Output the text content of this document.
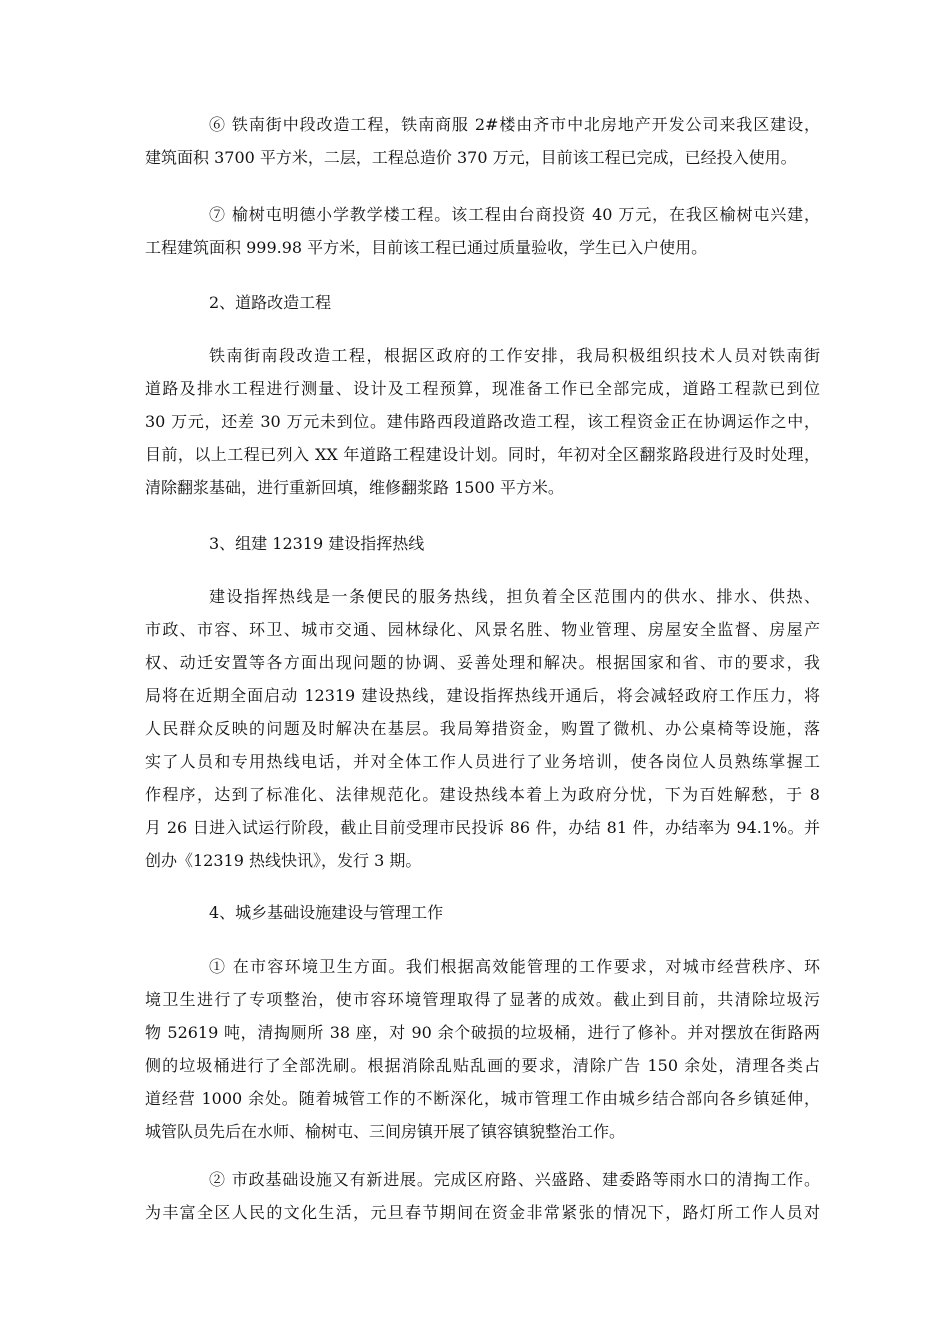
⑥ 铁南街中段改造工程，铁南商服 2#楼由齐市中北房地产开发公司来我区建设，
建筑面积 3700 平方米，二层，工程总造价 370 万元，目前该工程已完成，已经投入使用。
⑦ 榆树屯明德小学教学楼工程。该工程由台商投资 40 万元，在我区榆树屯兴建，
工程建筑面积 999.98 平方米，目前该工程已通过质量验收，学生已入户使用。
2、道路改造工程
铁南街南段改造工程，根据区政府的工作安排，我局积极组织技术人员对铁南街
道路及排水工程进行测量、设计及工程预算，现准备工作已全部完成，道路工程款已到位
30 万元，还差 30 万元未到位。建伟路西段道路改造工程，该工程资金正在协调运作之中，
目前，以上工程已列入 XX 年道路工程建设计划。同时，年初对全区翻浆路段进行及时处理，
清除翻浆基础，进行重新回填，维修翻浆路 1500 平方米。
3、组建 12319 建设指挥热线
建设指挥热线是一条便民的服务热线，担负着全区范围内的供水、排水、供热、
市政、市容、环卫、城市交通、园林绿化、风景名胜、物业管理、房屋安全监督、房屋产
权、动迁安置等各方面出现问题的协调、妥善处理和解决。根据国家和省、市的要求，我
局将在近期全面启动 12319 建设热线，建设指挥热线开通后，将会减轻政府工作压力，将
人民群众反映的问题及时解决在基层。我局筹措资金，购置了微机、办公桌椅等设施，落
实了人员和专用热线电话，并对全体工作人员进行了业务培训，使各岗位人员熟练掌握工
作程序，达到了标准化、法律规范化。建设热线本着上为政府分忧，下为百姓解愁，于 8
月 26 日进入试运行阶段，截止目前受理市民投诉 86 件，办结 81 件，办结率为 94.1%。并
创办《12319 热线快讯》，发行 3 期。
4、城乡基础设施建设与管理工作
① 在市容环境卫生方面。我们根据高效能管理的工作要求，对城市经营秩序、环
境卫生进行了专项整治，使市容环境管理取得了显著的成效。截止到目前，共清除垃圾污
物 52619 吨，清掏厕所 38 座，对 90 余个破损的垃圾桶，进行了修补。并对摆放在街路两
侧的垃圾桶进行了全部洗刷。根据消除乱贴乱画的要求，清除广告 150 余处，清理各类占
道经营 1000 余处。随着城管工作的不断深化，城市管理工作由城乡结合部向各乡镇延伸，
城管队员先后在水师、榆树屯、三间房镇开展了镇容镇貌整治工作。
② 市政基础设施又有新进展。完成区府路、兴盛路、建委路等雨水口的清掏工作。
为丰富全区人民的文化生活，元旦春节期间在资金非常紧张的情况下，路灯所工作人员对
